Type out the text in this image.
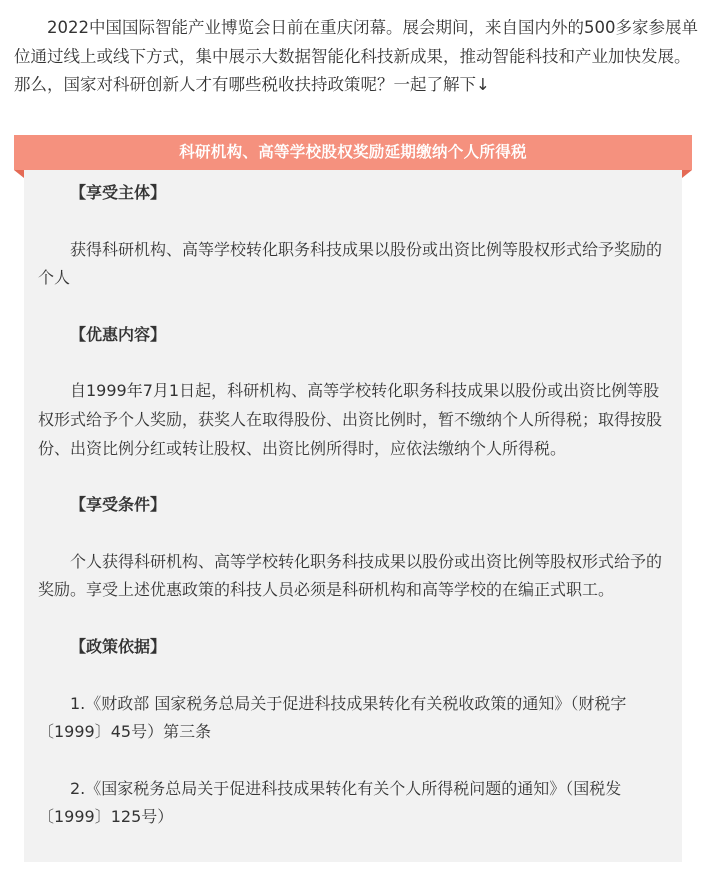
2022中国国际智能产业博览会日前在重庆闭幕。展会期间，来自国内外的500多家参展单位通过线上或线下方式，集中展示大数据智能化科技新成果，推动智能科技和产业加快发展。那么，国家对科研创新人才有哪些税收扶持政策呢？一起了解下↓

科研机构、高等学校股权奖励延期缴纳个人所得税

【享受主体】

获得科研机构、高等学校转化职务科技成果以股份或出资比例等股权形式给予奖励的个人

【优惠内容】

自1999年7月1日起，科研机构、高等学校转化职务科技成果以股份或出资比例等股权形式给予个人奖励，获奖人在取得股份、出资比例时，暂不缴纳个人所得税；取得按股份、出资比例分红或转让股权、出资比例所得时，应依法缴纳个人所得税。

【享受条件】

个人获得科研机构、高等学校转化职务科技成果以股份或出资比例等股权形式给予的奖励。享受上述优惠政策的科技人员必须是科研机构和高等学校的在编正式职工。

【政策依据】

1.《财政部 国家税务总局关于促进科技成果转化有关税收政策的通知》（财税字〔1999〕45号）第三条

2.《国家税务总局关于促进科技成果转化有关个人所得税问题的通知》（国税发〔1999〕125号）
